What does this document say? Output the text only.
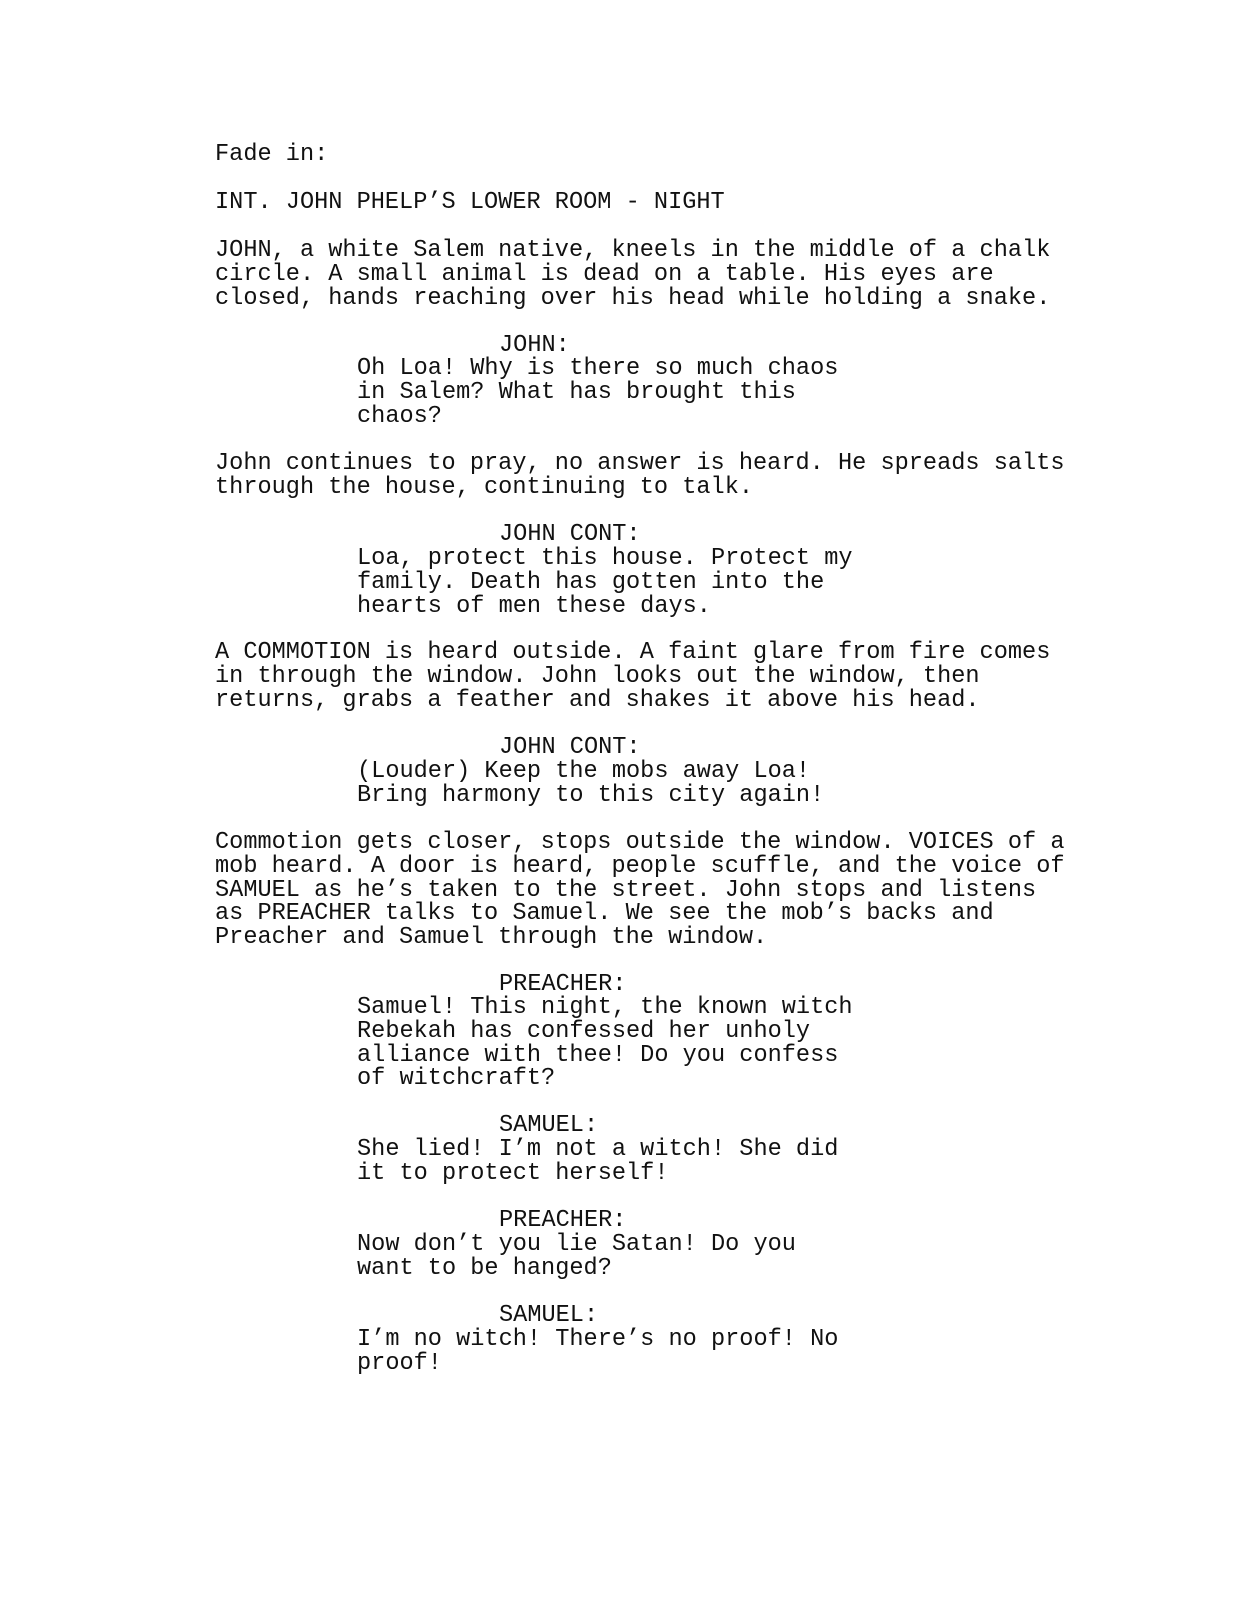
Fade in:

INT. JOHN PHELP’S LOWER ROOM - NIGHT

JOHN, a white Salem native, kneels in the middle of a chalk
circle. A small animal is dead on a table. His eyes are
closed, hands reaching over his head while holding a snake.

JOHN:

Oh Loa! Why is there so much chaos
in Salem? What has brought this
chaos?

John continues to pray, no answer is heard. He spreads salts
through the house, continuing to talk.

JOHN CONT:

Loa, protect this house. Protect my
family. Death has gotten into the
hearts of men these days.

A COMMOTION is heard outside. A faint glare from fire comes
in through the window. John looks out the window, then
returns, grabs a feather and shakes it above his head.

JOHN CONT:

(Louder) Keep the mobs away Loa!
Bring harmony to this city again!

Commotion gets closer, stops outside the window. VOICES of a
mob heard. A door is heard, people scuffle, and the voice of
SAMUEL as he’s taken to the street. John stops and listens
as PREACHER talks to Samuel. We see the mob’s backs and
Preacher and Samuel through the window.

PREACHER:

Samuel! This night, the known witch
Rebekah has confessed her unholy
alliance with thee! Do you confess
of witchcraft?

SAMUEL:

She lied! I’m not a witch! She did
it to protect herself!

PREACHER:

Now don’t you lie Satan! Do you
want to be hanged?

SAMUEL:

I’m no witch! There’s no proof! No
proof!
